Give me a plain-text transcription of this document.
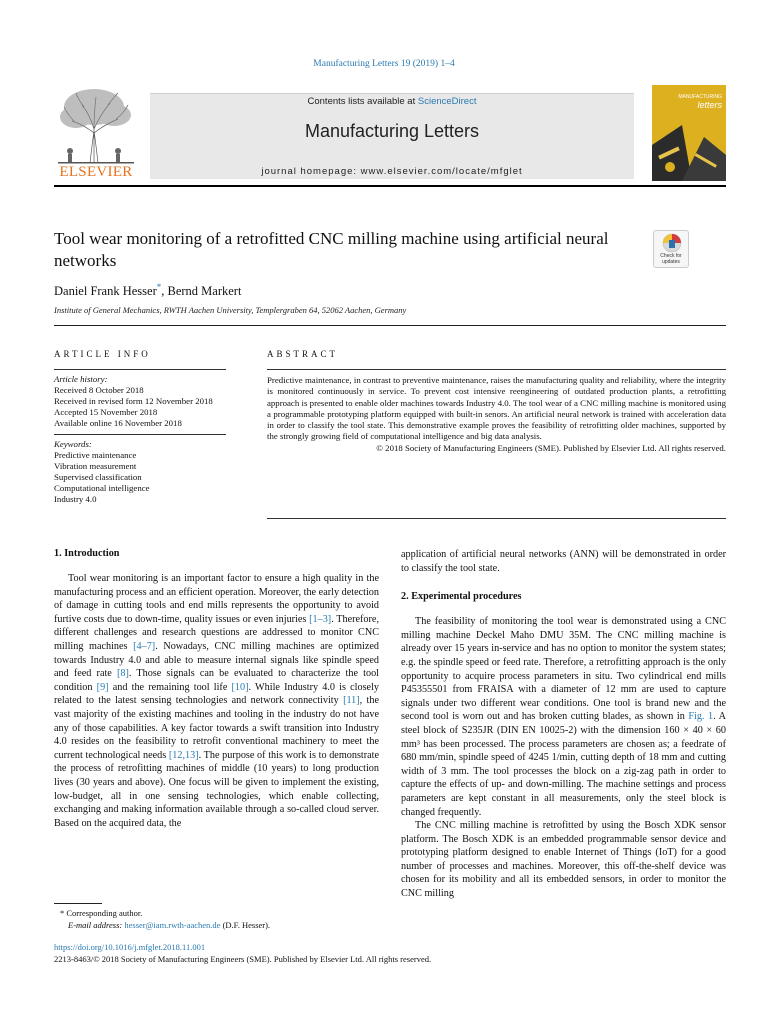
Manufacturing Letters 19 (2019) 1–4
ELSEVIER
Contents lists available at ScienceDirect
Manufacturing Letters
journal homepage: www.elsevier.com/locate/mfglet
MANUFACTURING
letters
Tool wear monitoring of a retrofitted CNC milling machine using artificial neural networks	Check for updates
Daniel Frank Hesser*, Bernd Markert
Institute of General Mechanics, RWTH Aachen University, Templergraben 64, 52062 Aachen, Germany
ARTICLE INFO	ABSTRACT
Article history:
Received 8 October 2018
Received in revised form 12 November 2018
Accepted 15 November 2018
Available online 16 November 2018
Keywords:
Predictive maintenance
Vibration measurement
Supervised classification
Computational intelligence
Industry 4.0

Predictive maintenance, in contrast to preventive maintenance, raises the manufacturing quality and reliability, where the integrity is monitored continuously in service. To prevent cost intensive reengineering of outdated production plants, a retrofitting approach is presented to enable older machines towards Industry 4.0. The tool wear of a CNC milling machine is monitored using a programmable prototyping platform equipped with built-in senors. An artificial neural network is trained with acceleration data in order to classify the tool state. This demonstrative example proves the feasibility of retrofitting older machines, supported by the strongly growing field of computational intelligence and big data analysis.

© 2018 Society of Manufacturing Engineers (SME). Published by Elsevier Ltd. All rights reserved.

1. Introduction

Tool wear monitoring is an important factor to ensure a high quality in the manufacturing process and an efficient operation. Moreover, the early detection of damage in cutting tools and end mills represents the opportunity to avoid furtive costs due to down-time, quality issues or even injuries [1–3]. Therefore, different challenges and research questions are addressed to monitor CNC milling machines [4–7]. Nowadays, CNC milling machines are optimized towards Industry 4.0 and able to measure internal signals like spindle speed and feed rate [8]. Those signals can be evaluated to characterize the tool condition [9] and the remaining tool life [10]. While Industry 4.0 is closely related to the latest sensing technologies and network connectivity [11], the vast majority of the existing machines and tooling in the industry do not have any of those capabilities. A key factor towards a swift transition into Industry 4.0 resides on the feasibility to retrofit conventional machinery to meet the current technological needs [12,13]. The purpose of this work is to demonstrate the process of retrofitting machines of middle (10 years) to long production lives (30 years and above). One focus will be given to implement the existing, low-budget, all in one sensing technologies, which enable collecting, exchanging and making information available through a so-called cloud server. Based on the acquired data, the

application of artificial neural networks (ANN) will be demonstrated in order to classify the tool state.

2. Experimental procedures

The feasibility of monitoring the tool wear is demonstrated using a CNC milling machine Deckel Maho DMU 35M. The CNC milling machine is already over 15 years in-service and has no option to monitor the system states; e.g. the spindle speed or feed rate. Therefore, a retrofitting approach is the only opportunity to acquire process parameters in situ. Two cylindrical end mills P45355501 from FRAISA with a diameter of 12 mm are used to capture signals under two different wear conditions. One tool is brand new and the second tool is worn out and has broken cutting blades, as shown in Fig. 1. A steel block of S235JR (DIN EN 10025-2) with the dimension 160 × 40 × 60 mm³ has been processed. The process parameters are chosen as; a feedrate of 680 mm/min, spindle speed of 4245 1/min, cutting depth of 18 mm and cutting width of 3 mm. The tool processes the block on a zig-zag path in order to capture the effects of up- and down-milling. The machine settings and process parameters are kept constant in all measurements, only the steel block is changed frequently.

The CNC milling machine is retrofitted by using the Bosch XDK sensor platform. The Bosch XDK is an embedded programmable sensor device and prototyping platform designed to enable Internet of Things (IoT) for a good number of processes and machines. Moreover, this off-the-shelf device was chosen for its mobility and all its embedded sensors, in order to monitor the CNC milling

* Corresponding author.
E-mail address: hesser@iam.rwth-aachen.de (D.F. Hesser).
https://doi.org/10.1016/j.mfglet.2018.11.001
2213-8463/© 2018 Society of Manufacturing Engineers (SME). Published by Elsevier Ltd. All rights reserved.
